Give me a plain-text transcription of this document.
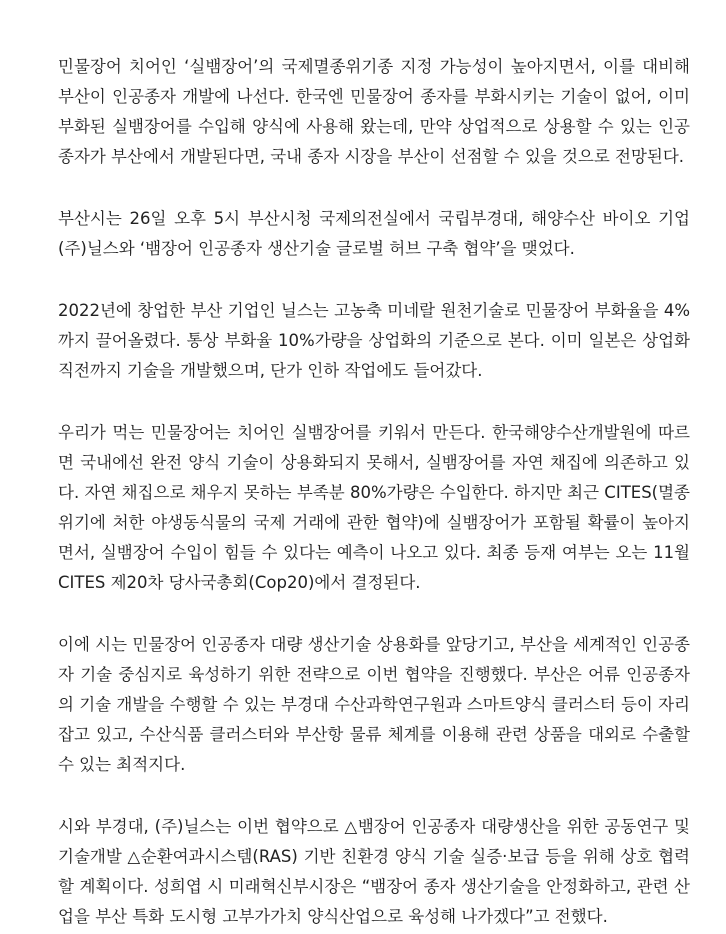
민물장어 치어인 ‘실뱀장어’의 국제멸종위기종 지정 가능성이 높아지면서, 이를 대비해 부산이 인공종자 개발에 나선다. 한국엔 민물장어 종자를 부화시키는 기술이 없어, 이미 부화된 실뱀장어를 수입해 양식에 사용해 왔는데, 만약 상업적으로 상용할 수 있는 인공종자가 부산에서 개발된다면, 국내 종자 시장을 부산이 선점할 수 있을 것으로 전망된다.

부산시는 26일 오후 5시 부산시청 국제의전실에서 국립부경대, 해양수산 바이오 기업 (주)닐스와 ‘뱀장어 인공종자 생산기술 글로벌 허브 구축 협약’을 맺었다.

2022년에 창업한 부산 기업인 닐스는 고농축 미네랄 원천기술로 민물장어 부화율을 4%까지 끌어올렸다. 통상 부화율 10%가량을 상업화의 기준으로 본다. 이미 일본은 상업화 직전까지 기술을 개발했으며, 단가 인하 작업에도 들어갔다.

우리가 먹는 민물장어는 치어인 실뱀장어를 키워서 만든다. 한국해양수산개발원에 따르면 국내에선 완전 양식 기술이 상용화되지 못해서, 실뱀장어를 자연 채집에 의존하고 있다. 자연 채집으로 채우지 못하는 부족분 80%가량은 수입한다. 하지만 최근 CITES(멸종위기에 처한 야생동식물의 국제 거래에 관한 협약)에 실뱀장어가 포함될 확률이 높아지면서, 실뱀장어 수입이 힘들 수 있다는 예측이 나오고 있다. 최종 등재 여부는 오는 11월 CITES 제20차 당사국총회(Cop20)에서 결정된다.

이에 시는 민물장어 인공종자 대량 생산기술 상용화를 앞당기고, 부산을 세계적인 인공종자 기술 중심지로 육성하기 위한 전략으로 이번 협약을 진행했다. 부산은 어류 인공종자의 기술 개발을 수행할 수 있는 부경대 수산과학연구원과 스마트양식 클러스터 등이 자리 잡고 있고, 수산식품 클러스터와 부산항 물류 체계를 이용해 관련 상품을 대외로 수출할 수 있는 최적지다.

시와 부경대, (주)닐스는 이번 협약으로 △뱀장어 인공종자 대량생산을 위한 공동연구 및 기술개발 △순환여과시스템(RAS) 기반 친환경 양식 기술 실증·보급 등을 위해 상호 협력할 계획이다. 성희엽 시 미래혁신부시장은 “뱀장어 종자 생산기술을 안정화하고, 관련 산업을 부산 특화 도시형 고부가가치 양식산업으로 육성해 나가겠다”고 전했다.
